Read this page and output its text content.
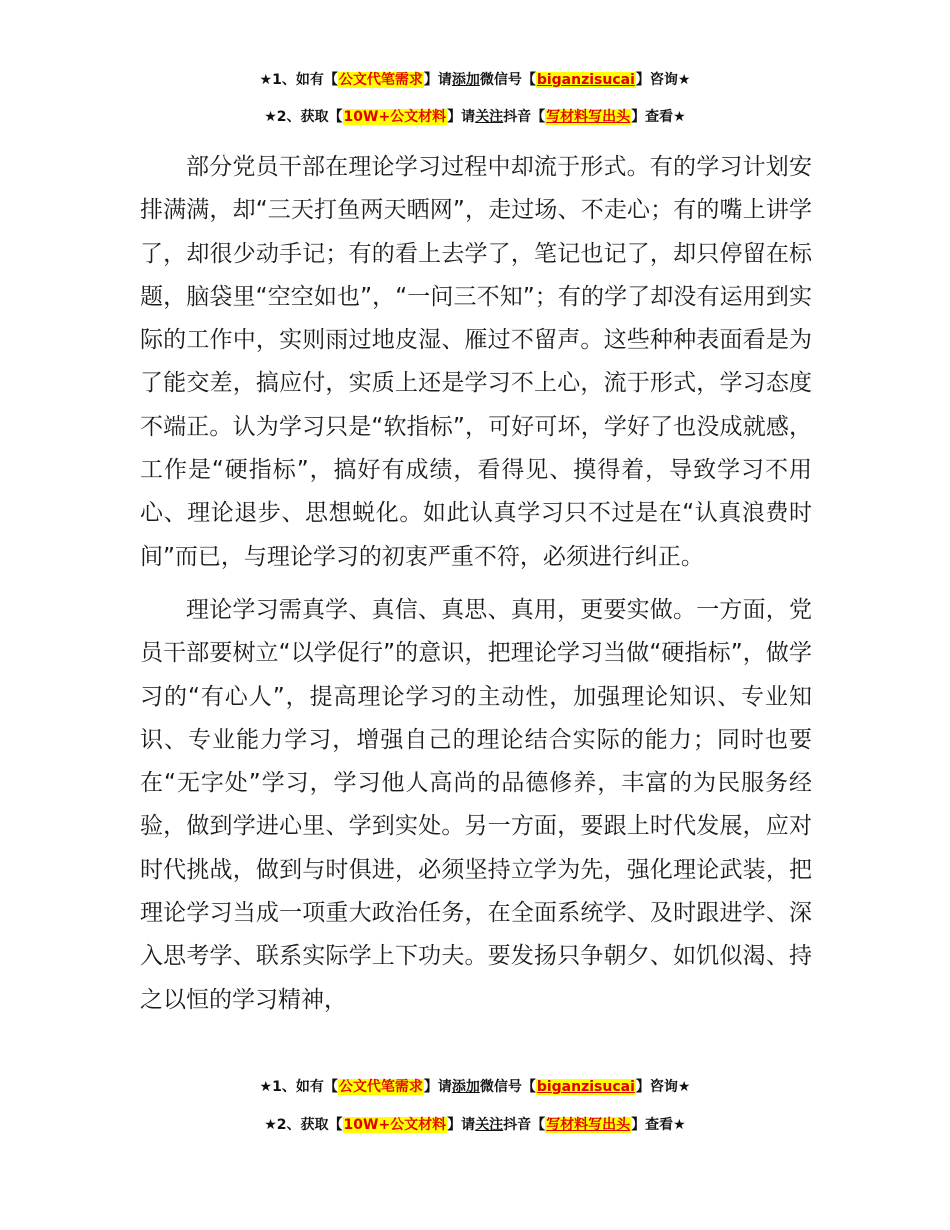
★1、如有【公文代笔需求】请添加微信号【biganzisucai】咨询★
★2、获取【10W+公文材料】请关注抖音【写材料写出头】查看★

部分党员干部在理论学习过程中却流于形式。有的学习计划安排满满，却“三天打鱼两天晒网”，走过场、不走心；有的嘴上讲学了，却很少动手记；有的看上去学了，笔记也记了，却只停留在标题，脑袋里“空空如也”，“一问三不知”；有的学了却没有运用到实际的工作中，实则雨过地皮湿、雁过不留声。这些种种表面看是为了能交差，搞应付，实质上还是学习不上心，流于形式，学习态度不端正。认为学习只是“软指标”，可好可坏，学好了也没成就感，工作是“硬指标”，搞好有成绩，看得见、摸得着，导致学习不用心、理论退步、思想蜕化。如此认真学习只不过是在“认真浪费时间”而已，与理论学习的初衷严重不符，必须进行纠正。

理论学习需真学、真信、真思、真用，更要实做。一方面，党员干部要树立“以学促行”的意识，把理论学习当做“硬指标”，做学习的“有心人”，提高理论学习的主动性，加强理论知识、专业知识、专业能力学习，增强自己的理论结合实际的能力；同时也要在“无字处”学习，学习他人高尚的品德修养，丰富的为民服务经验，做到学进心里、学到实处。另一方面，要跟上时代发展，应对时代挑战，做到与时俱进，必须坚持立学为先，强化理论武装，把理论学习当成一项重大政治任务，在全面系统学、及时跟进学、深入思考学、联系实际学上下功夫。要发扬只争朝夕、如饥似渴、持之以恒的学习精神，

★1、如有【公文代笔需求】请添加微信号【biganzisucai】咨询★
★2、获取【10W+公文材料】请关注抖音【写材料写出头】查看★
